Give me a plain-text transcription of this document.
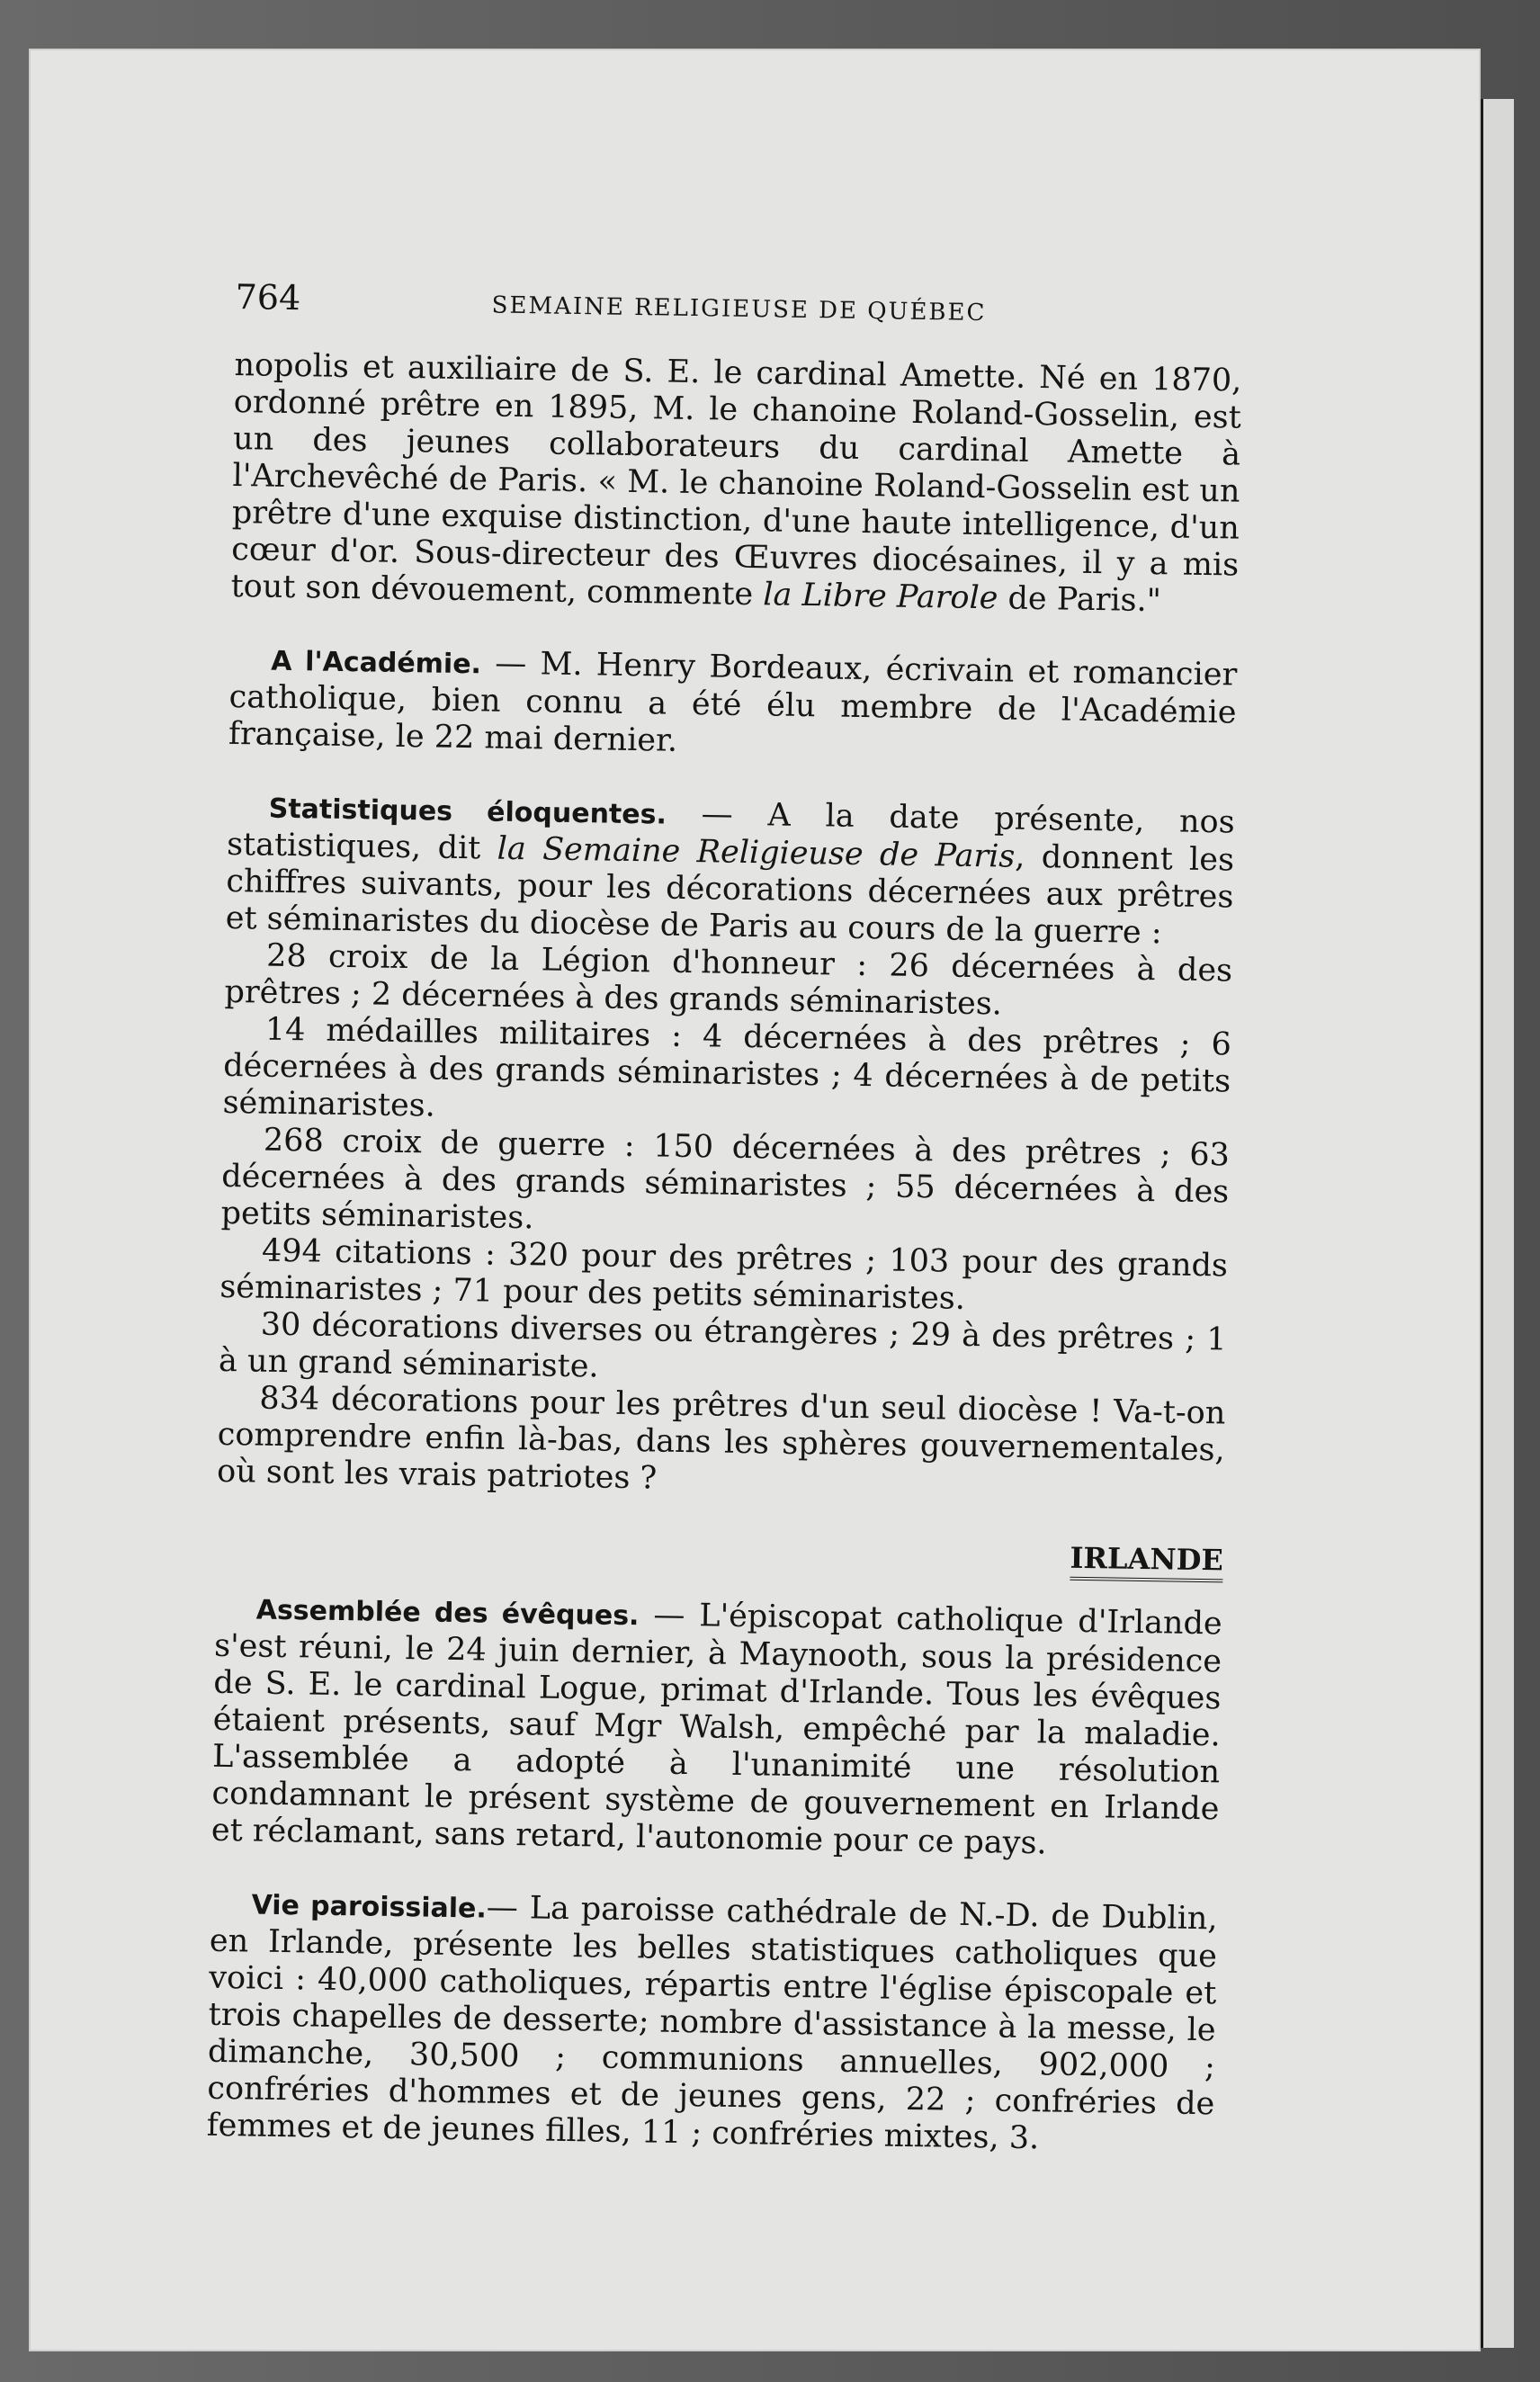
764	SEMAINE RELIGIEUSE DE QUÉBEC

nopolis et auxiliaire de S. E. le cardinal Amette. Né en 1870, ordonné prêtre en 1895, M. le chanoine Roland-Gosselin, est un des jeunes collaborateurs du cardinal Amette à l'Archevêché de Paris. « M. le chanoine Roland-Gosselin est un prêtre d'une exquise distinction, d'une haute intelligence, d'un cœur d'or. Sous-directeur des Œuvres diocésaines, il y a mis tout son dévouement, commente la Libre Parole de Paris."

A l'Académie. — M. Henry Bordeaux, écrivain et romancier catholique, bien connu a été élu membre de l'Académie française, le 22 mai dernier.

Statistiques éloquentes. — A la date présente, nos statistiques, dit la Semaine Religieuse de Paris, donnent les chiffres suivants, pour les décorations décernées aux prêtres et séminaristes du diocèse de Paris au cours de la guerre :

28 croix de la Légion d'honneur : 26 décernées à des prêtres ; 2 décernées à des grands séminaristes.

14 médailles militaires : 4 décernées à des prêtres ; 6 décernées à des grands séminaristes ; 4 décernées à de petits séminaristes.

268 croix de guerre : 150 décernées à des prêtres ; 63 décernées à des grands séminaristes ; 55 décernées à des petits séminaristes.

494 citations : 320 pour des prêtres ; 103 pour des grands séminaristes ; 71 pour des petits séminaristes.

30 décorations diverses ou étrangères ; 29 à des prêtres ; 1 à un grand séminariste.

834 décorations pour les prêtres d'un seul diocèse ! Va-t-on comprendre enfin là-bas, dans les sphères gouvernementales, où sont les vrais patriotes ?

IRLANDE

Assemblée des évêques. — L'épiscopat catholique d'Irlande s'est réuni, le 24 juin dernier, à Maynooth, sous la présidence de S. E. le cardinal Logue, primat d'Irlande. Tous les évêques étaient présents, sauf Mgr Walsh, empêché par la maladie. L'assemblée a adopté à l'unanimité une résolution condamnant le présent système de gouvernement en Irlande et réclamant, sans retard, l'autonomie pour ce pays.

Vie paroissiale.— La paroisse cathédrale de N.-D. de Dublin, en Irlande, présente les belles statistiques catholiques que voici : 40,000 catholiques, répartis entre l'église épiscopale et trois chapelles de desserte; nombre d'assistance à la messe, le dimanche, 30,500 ; communions annuelles, 902,000 ; confréries d'hommes et de jeunes gens, 22 ; confréries de femmes et de jeunes filles, 11 ; confréries mixtes, 3.
